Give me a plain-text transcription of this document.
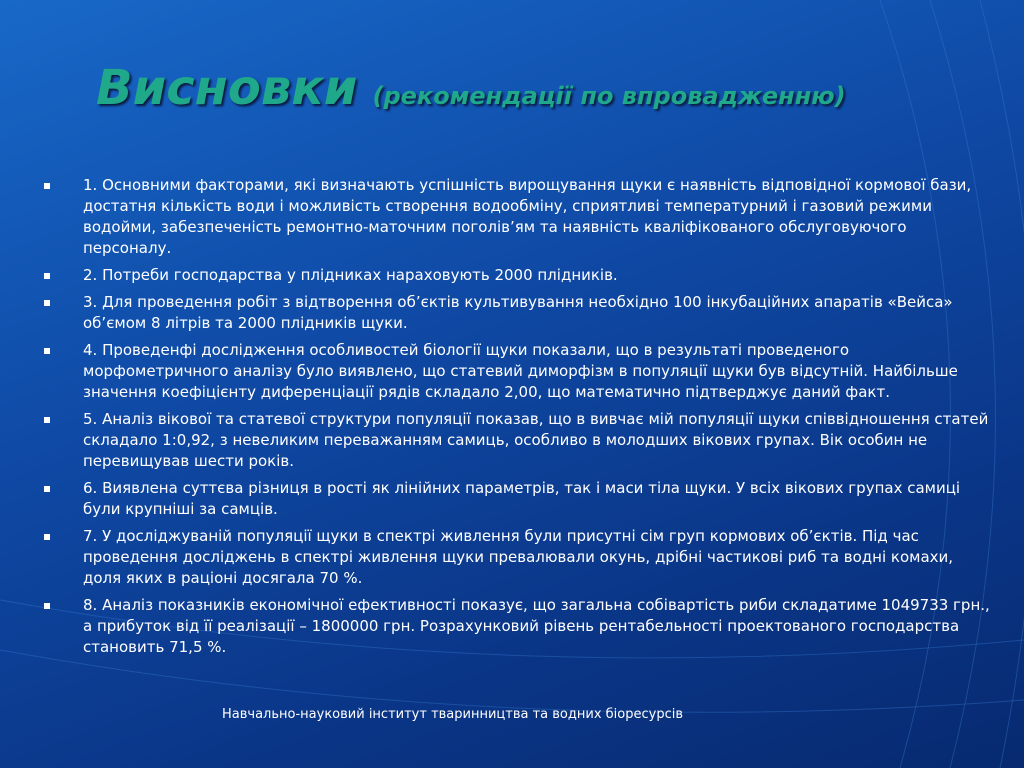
Висновки (рекомендації по впровадженню)
1. Основними факторами, які визначають успішність вирощування щуки є наявність відповідної кормової бази, достатня кількість води і можливість створення водообміну, сприятливі температурний і газовий режими водойми, забезпеченість ремонтно-маточним поголів’ям та наявність кваліфікованого обслуговуючого персоналу.
2. Потреби господарства у плідниках нараховують 2000 плідників.
3. Для проведення робіт з відтворення об’єктів культивування необхідно 100 інкубаційних апаратів «Вейса» об’ємом 8 літрів та 2000 плідників щуки.
4. Проведенфі дослідження особливостей біології щуки показали, що в результаті проведеного морфометричного аналізу було виявлено, що статевий диморфізм в популяції щуки був відсутній. Найбільше значення коефіцієнту диференціації рядів складало 2,00, що математично підтверджує даний факт.
5. Аналіз вікової та статевої структури популяції показав, що в вивчає мій популяції щуки співвідношення статей складало 1:0,92, з невеликим переважанням самиць, особливо в молодших вікових групах. Вік особин не перевищував шести років.
6. Виявлена суттєва різниця в рості як лінійних параметрів, так і маси тіла щуки. У всіх вікових групах самиці були крупніші за самців.
7. У досліджуваній популяції щуки в спектрі живлення були присутні сім груп кормових об’єктів. Під час проведення досліджень в спектрі живлення щуки превалювали окунь, дрібні частикові риб та водні комахи, доля яких в раціоні досягала 70 %.
8. Аналіз показників економічної ефективності показує, що загальна собівартість риби складатиме 1049733 грн., а прибуток від її реалізації – 1800000 грн. Розрахунковий рівень рентабельності проектованого господарства становить 71,5 %.
Навчально-науковий інститут тваринництва та водних біоресурсів
